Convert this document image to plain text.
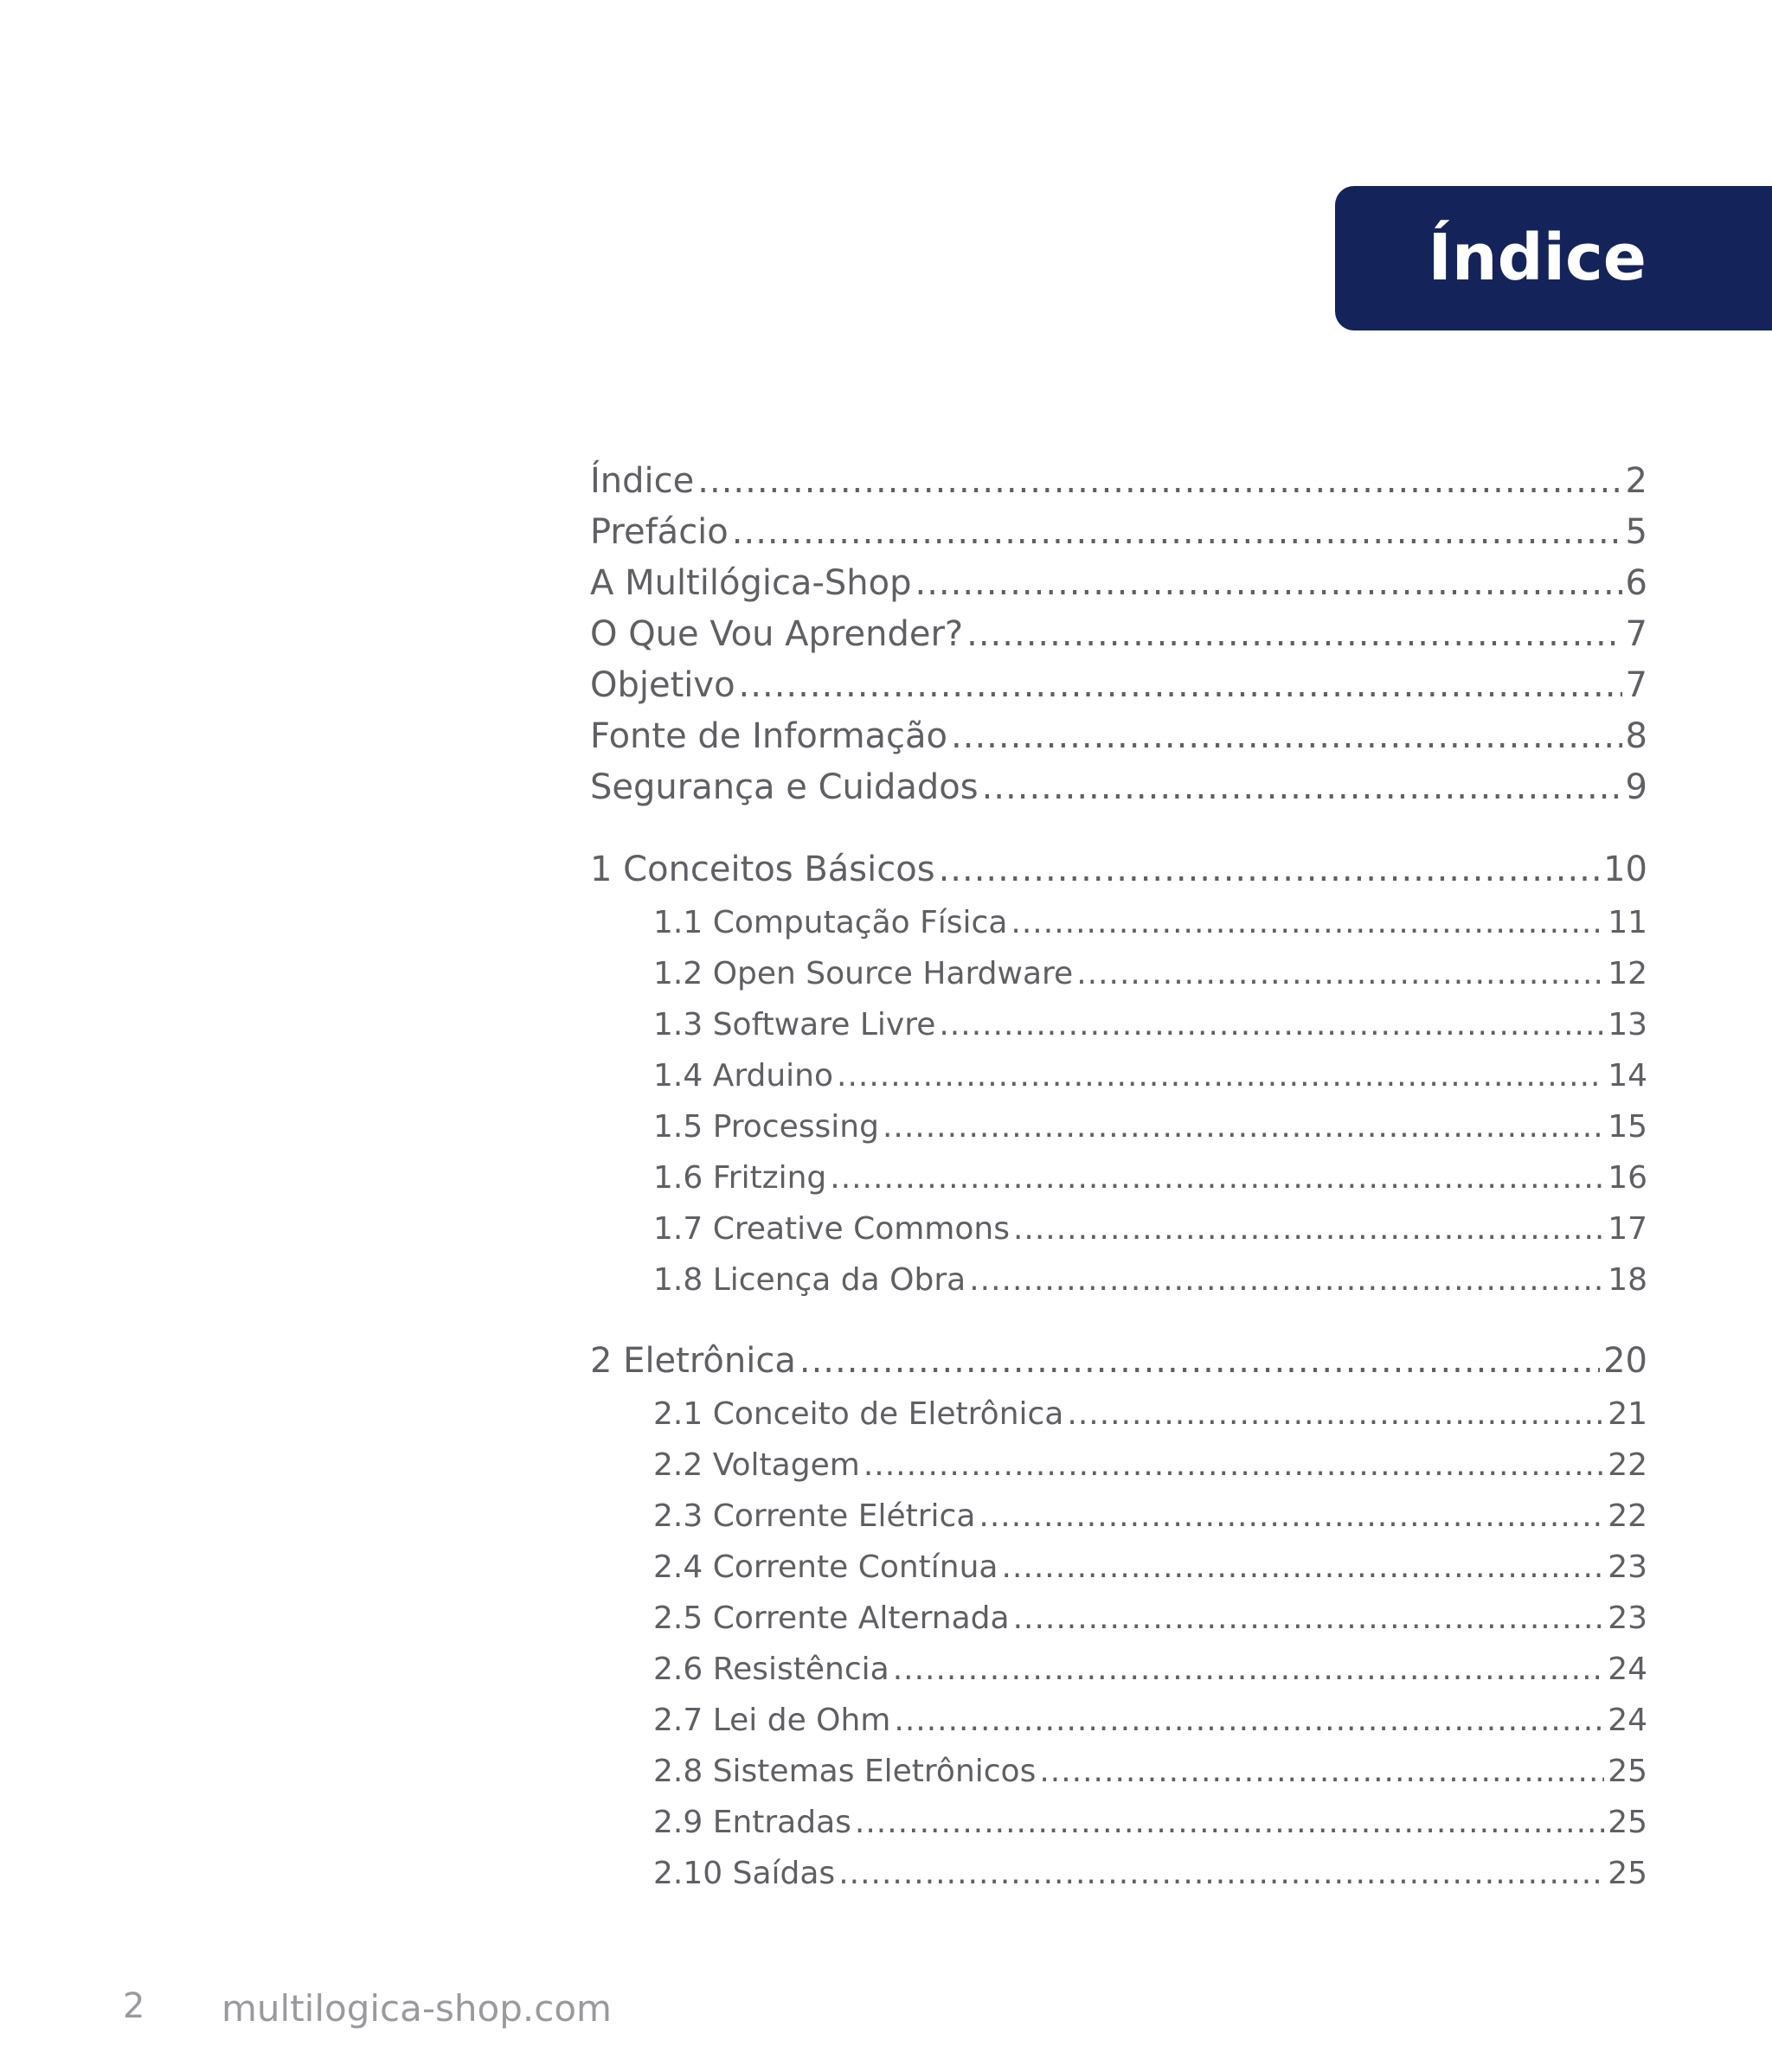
Índice
Índice .....	2
Prefácio .....	5
A Multilógica-Shop .....	6
O Que Vou Aprender? .....	7
Objetivo .....	7
Fonte de Informação .....	8
Segurança e Cuidados .....	9
1 Conceitos Básicos .....	10
1.1 Computação Física .....	11
1.2 Open Source Hardware .....	12
1.3 Software Livre .....	13
1.4 Arduino .....	14
1.5 Processing .....	15
1.6 Fritzing .....	16
1.7 Creative Commons .....	17
1.8 Licença da Obra .....	18
2 Eletrônica .....	20
2.1 Conceito de Eletrônica .....	21
2.2 Voltagem .....	22
2.3 Corrente Elétrica .....	22
2.4 Corrente Contínua .....	23
2.5 Corrente Alternada .....	23
2.6 Resistência .....	24
2.7 Lei de Ohm .....	24
2.8 Sistemas Eletrônicos .....	25
2.9 Entradas .....	25
2.10 Saídas .....	25
2 multilogica-shop.com
